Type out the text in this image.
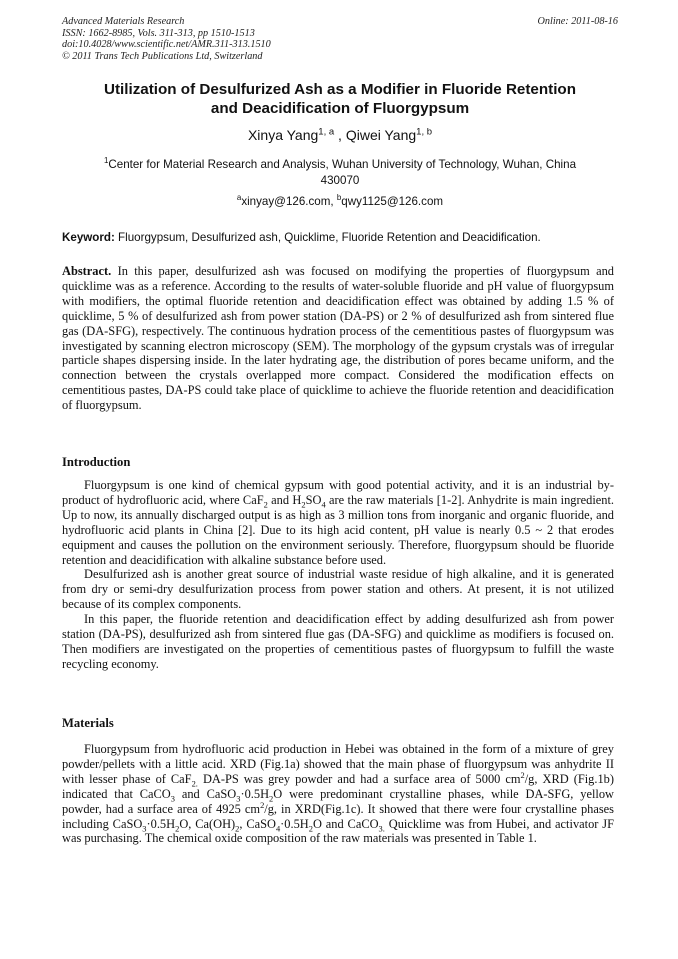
Advanced Materials Research
ISSN: 1662-8985, Vols. 311-313, pp 1510-1513
doi:10.4028/www.scientific.net/AMR.311-313.1510
© 2011 Trans Tech Publications Ltd, Switzerland
Online: 2011-08-16
Utilization of Desulfurized Ash as a Modifier in Fluoride Retention
and Deacidification of Fluorgypsum
Xinya Yang$^{1, a}$ , Qiwei Yang$^{1, b}$
$^1$Center for Material Research and Analysis, Wuhan University of Technology, Wuhan, China
430070
$^a$xinyay@126.com, $^b$qwy1125@126.com
Keyword: Fluorgypsum, Desulfurized ash, Quicklime, Fluoride Retention and Deacidification.

Abstract. In this paper, desulfurized ash was focused on modifying the properties of fluorgypsum and quicklime was as a reference. According to the results of water-soluble fluoride and pH value of fluorgypsum with modifiers, the optimal fluoride retention and deacidification effect was obtained by adding 1.5 % of quicklime, 5 % of desulfurized ash from power station (DA-PS) or 2 % of desulfurized ash from sintered flue gas (DA-SFG), respectively. The continuous hydration process of the cementitious pastes of fluorgypsum was investigated by scanning electron microscopy (SEM). The morphology of the gypsum crystals was of irregular particle shapes dispersing inside. In the later hydrating age, the distribution of pores became uniform, and the connection between the crystals overlapped more compact. Considered the modification effects on cementitious pastes, DA-PS could take place of quicklime to achieve the fluoride retention and deacidification of fluorgypsum.

Introduction

Fluorgypsum is one kind of chemical gypsum with good potential activity, and it is an industrial by-product of hydrofluoric acid, where CaF$_2$ and $H_2SO_4$ are the raw materials [1-2]. Anhydrite is main ingredient. Up to now, its annually discharged output is as high as 3 million tons from inorganic and organic fluoride, and hydrofluoric acid plants in China [2]. Due to its high acid content, pH value is nearly 0.5 ~ 2 that erodes equipment and causes the pollution on the environment seriously. Therefore, fluorgypsum should be fluoride retention and deacidification with alkaline substance before used.

Desulfurized ash is another great source of industrial waste residue of high alkaline, and it is generated from dry or semi-dry desulfurization process from power station and others. At present, it is not utilized because of its complex components.

In this paper, the fluoride retention and deacidification effect by adding desulfurized ash from power station (DA-PS), desulfurized ash from sintered flue gas (DA-SFG) and quicklime as modifiers is focused on. Then modifiers are investigated on the properties of cementitious pastes of fluorgypsum to fulfill the waste recycling economy.

Materials

Fluorgypsum from hydrofluoric acid production in Hebei was obtained in the form of a mixture of grey powder/pellets with a little acid. XRD (Fig.1a) showed that the main phase of fluorgypsum was anhydrite II with lesser phase of CaF$_{2.}$ DA-PS was grey powder and had a surface area of 5000 $cm^2/g$, XRD (Fig.1b) indicated that CaCO$_3$ and $CaSO_3\cdot 0.5H_2O$ were predominant crystalline phases, while DA-SFG, yellow powder, had a surface area of 4925 $cm^2/g$, in XRD(Fig.1c). It showed that there were four crystalline phases including $CaSO_3\cdot 0.5H_2O$, $Ca(OH)_2$, $CaSO_4\cdot 0.5H_2O$ and CaCO$_{3.}$ Quicklime was from Hubei, and activator JF was purchasing. The chemical oxide composition of the raw materials was presented in Table 1.
